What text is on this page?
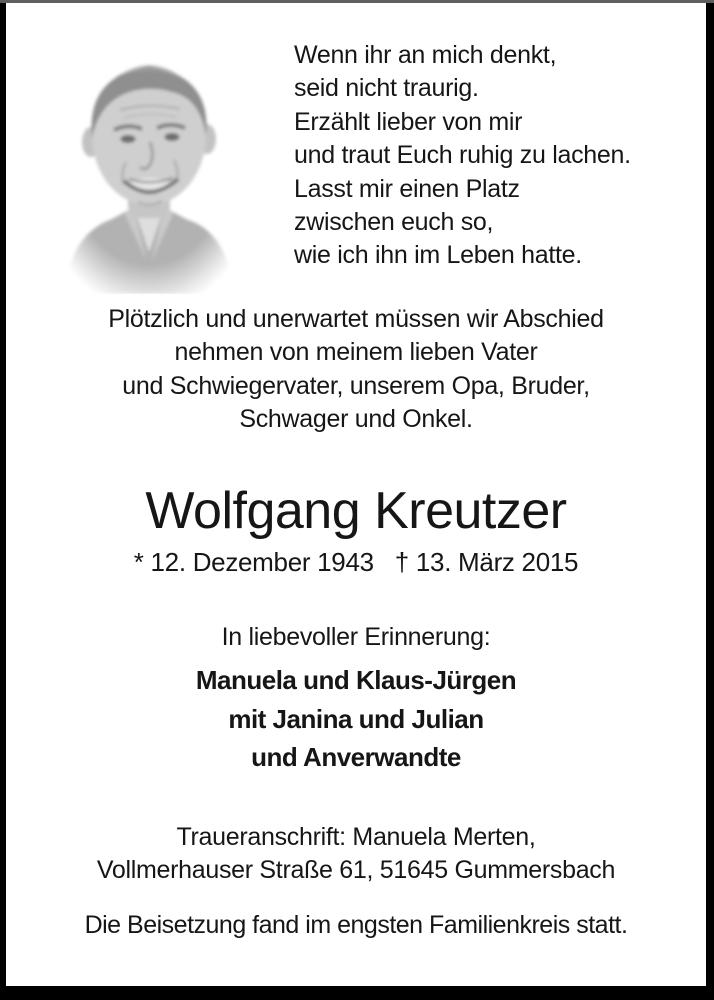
Wenn ihr an mich denkt,
seid nicht traurig.
Erzählt lieber von mir
und traut Euch ruhig zu lachen.
Lasst mir einen Platz
zwischen euch so,
wie ich ihn im Leben hatte.
Plötzlich und unerwartet müssen wir Abschied
nehmen von meinem lieben Vater
und Schwiegervater, unserem Opa, Bruder,
Schwager und Onkel.
Wolfgang Kreutzer
* 12. Dezember 1943 † 13. März 2015
In liebevoller Erinnerung:
Manuela und Klaus-Jürgen
mit Janina und Julian
und Anverwandte
Traueranschrift: Manuela Merten,
Vollmerhauser Straße 61, 51645 Gummersbach
Die Beisetzung fand im engsten Familienkreis statt.
